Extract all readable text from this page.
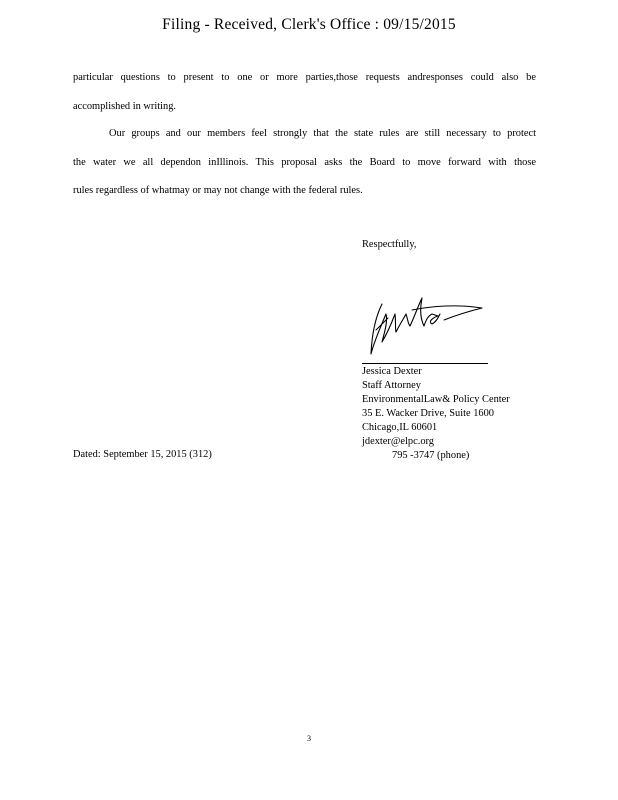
Filing - Received, Clerk's Office : 09/15/2015
particular questions to present to one or more parties,those requests andresponses could also be
accomplished in writing.
Our groups and our members feel strongly that the state rules are still necessary to protect
the water we all dependon inIllinois. This proposal asks the Board to move forward with those
rules regardless of whatmay or may not change with the federal rules.
Respectfully,
Jessica Dexter
Staff Attorney
EnvironmentalLaw& Policy Center
35 E. Wacker Drive, Suite 1600
Chicago,IL 60601
jdexter@elpc.org
795 -3747 (phone)
Dated: September 15, 2015 (312)
3
